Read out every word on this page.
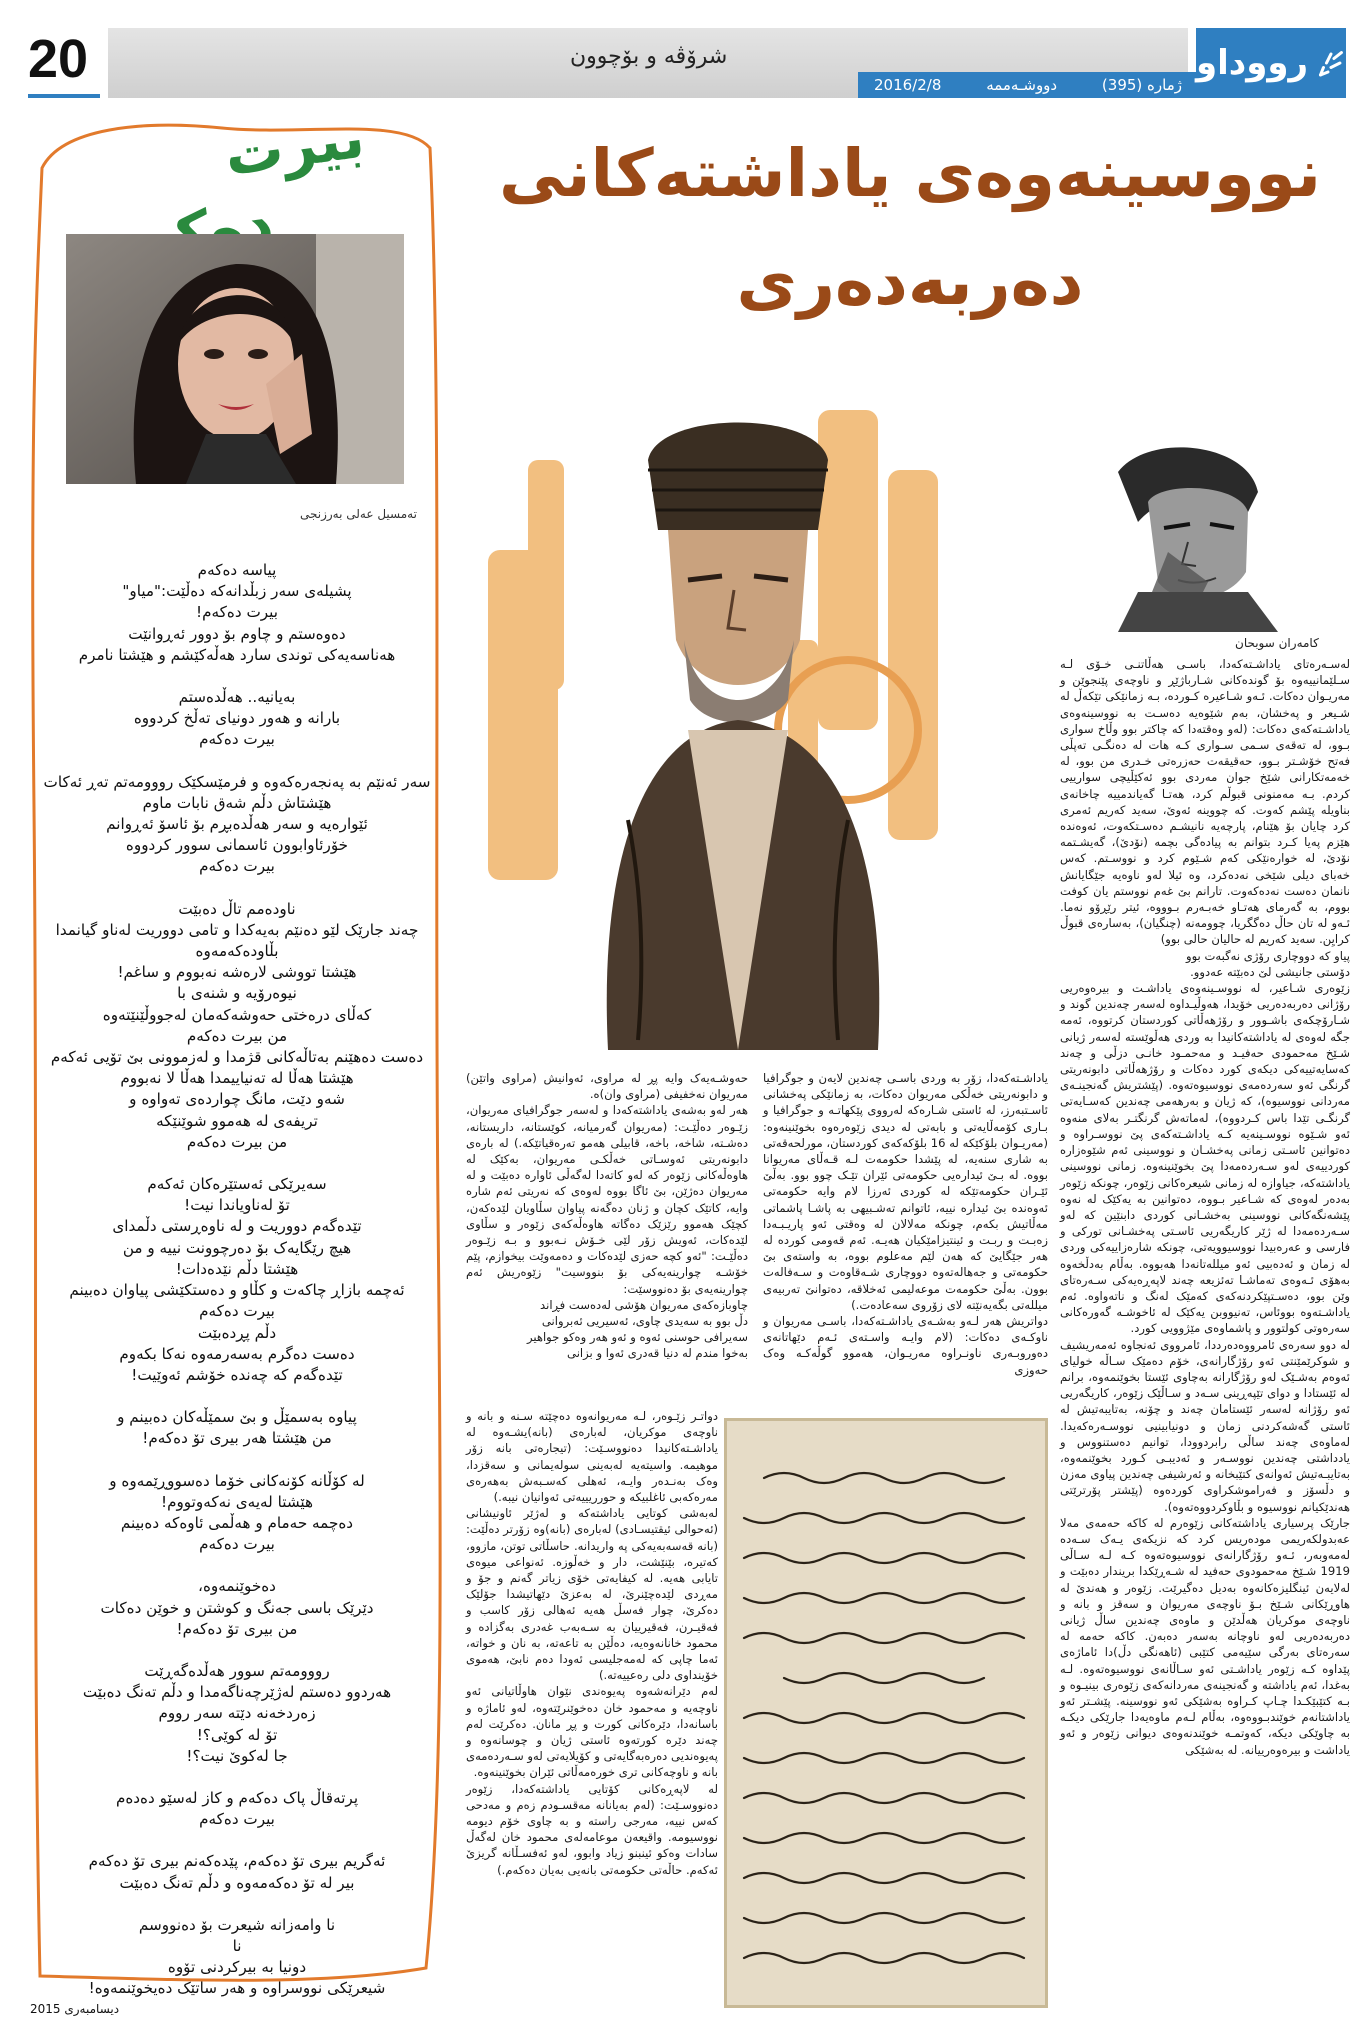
20	شرۆڤە و بۆچوون
ژمارە (395)
دووشـەممە
2016/2/8
رووداو
نووسینەوەی یاداشتەکانی
دەربەدەری
بیرت
تەمسیل عەلی بەرزنجی
پیاسە دەکەم
پشیلەی سەر زبڵدانەکە دەڵێت:"میاو"
بیرت دەکەم!
دەوەستم و چاوم بۆ دوور ئەڕوانێت
هەناسەیەکی توندی سارد هەڵەکێشم و هێشتا نامرم
بەیانیە.. هەڵدەستم
بارانە و هەور دونیای تەڵخ کردووە
بیرت دەکەم
سەر ئەنێم بە پەنجەرەکەوە و فرمێسکێک رووومەتم تەڕ ئەکات
هێشتاش دڵم شەق نابات ماوم
ئێوارەیە و سەر هەڵدەبڕم بۆ ئاسۆ ئەڕوانم
خۆرئاوابوون ئاسمانی سوور کردووە
بیرت دەکەم
ناودەمم تاڵ دەبێت
چەند جارێک لێو دەنێم بەیەکدا و تامی دووریت لەناو گیانمدا
بڵاودەکەمەوە
هێشتا تووشی لارەشە نەبووم و ساغم!
نیوەرۆیە و شنەی با
کەڵای درەختی حەوشەکەمان لەجووڵێنێتەوە
من بیرت دەکەم
دەست دەهێنم بەتاڵەکانی قژمدا و لەزموونی بێ تۆیی ئەکەم
هێشتا هەڵا لە تەنیاییمدا هەڵا لا نەبووم
شەو دێت، مانگ چواردەی تەواوە و
تریفەی لە هەموو شوێنێکە
من بیرت دەکەم
سەیرێکی ئەستێرەکان ئەکەم
تۆ لەناویاندا نیت!
تێدەگەم دووریت و لە ناوەڕستی دڵمدای
هیچ رێگایەک بۆ دەرچوونت نییە و من
هێشتا دڵم نێدەدات!
ئەچمە بازاڕ چاکەت و کڵاو و دەستکێشی پیاوان دەبینم
بیرت دەکەم
دڵم پڕدەبێت
دەست دەگرم بەسەرمەوە نەکا بکەوم
تێدەگەم کە چەندە خۆشم ئەوێیت!
پیاوە بەسمێڵ و بێ سمێڵەکان دەبینم و
من هێشتا هەر بیری تۆ دەکەم!
لە کۆڵانە کۆنەکانی خۆما دەسووڕێمەوە و
هێشتا لەیەی نەکەوتووم!
دەچمە حەمام و هەڵمی ئاوەکە دەبینم
بیرت دەکەم
دەخوێنمەوە،
دێرێک باسی جەنگ و کوشتن و خوێن دەکات
من بیری تۆ دەکەم!
رووومەتم سوور هەڵدەگەڕێت
هەردوو دەستم لەژێرچەناگەمدا و دڵم تەنگ دەبێت
زەردخەنە دێتە سەر رووم
تۆ لە کوێی؟!
جا لەکوێ نیت؟!
پرتەقاڵ پاک دەکەم و کاز لەسێو دەدەم
بیرت دەکەم
ئەگریم بیری تۆ دەکەم، پێدەکەنم بیری تۆ دەکەم
بیر لە تۆ دەکەمەوە و دڵم تەنگ دەبێت
نا وامەزانە شیعرت بۆ دەنووسم
نا
دونیا بە بیرکردنی تۆوە
شیعرێکی نووسراوە و هەر ساتێک دەیخوێنمەوە!
دیسامبەری 2015
کامەران سوبحان

لەسـەرەتای یاداشـتەکەدا، باسـی هەڵاتنـی خـۆی لـە سـلێمانییەوە بۆ گوندەکانی شـارباژێڕ و ناوچەی پێنجوێن و مەریـوان دەکات. ئـەو شـاعیرە کـوردە، بـە زمانێکی تێکەڵ لە شـیعر و پەخشان، بەم شێوەیە دەسـت بە نووسینەوەی یاداشـتەکەی دەکات: (لەو وەقتەدا کە چاکتر بوو وڵاخ سواری بـوو، لە تەقەی سـمی سـواری کـە هات لە دەنگـی تەپڵی فەتح خۆشـتر بـوو، حەقیقەت حەزرەتی خـدری من بوو، لە خەمەتکارانی شێخ جوان مەردی بوو ئەکێڵیچی سوارییی کردم. بـە مەمنونی قبوڵم کرد، هەتـا گەیاندمییە چاخانەی بناویلە پێشم کەوت. کە چووینە ئەوێ، سەید کەریم ئەمری کرد چایان بۆ هێنام، پارچەیە نانیشـم دەسـتکەوت، ئەوەندە هێزم پەیا کـرد بتوانم بە پیادەگی بچمە (نۆدێ)، گەیشـتمە نۆدێ، لە خوارەنێکی کەم شـێوم کرد و نووسـتم. کەس خەبای دیلی شێخی نەدەکرد، وە ئیلا لەو ناوەیە جێگایانش نانمان دەست نەدەکەوت. تارانم بێ غەم نووستم یان کوفت بووم، بە گەرمای هەتـاو خەبـەرم بـوووە، ئیتر رێڕۆو نەما. ئـەو لە تان حاڵ دەگگریا، چوومەنە (چنگیان)، بەسارەی قبوڵ کرایِن. سەید کەریم لە حالیان حالی بوو)

پیاو کە دووچاری رۆژی نەگبەت بوو

دۆستی جانیشی لێ دەبێتە عەدوو.

زێوەری شـاعیر، لە نووسـینەوەی یاداشـت و بیرەوەریی رۆژانی دەربەدەریی خۆیدا، هەوڵیـداوە لەسەر چەندین گوند و شـارۆچکەی باشـوور و رۆژهەڵاتی کوردستان کرتووە، ئەمە جگە لەوەی لە یاداشتەکانیدا بە وردی هەڵوێستە لەسەر ژیانی شـێخ مەحمودی حەفیـد و مەحمـود خانـی دزڵی و چەند کەسایەتییەکی دیکەی کورد دەکات و رۆژهەڵاتی دابونەریتی گرنگی ئەو سەردەمەی نووسیوەتەوە. (پێشتریش گەنجینـەی مەردانی نووسیوە)، کە ژیان و بەرهەمی چەندین کەسـایەتی گرنگـی تێدا باس کـردووە)، لەماتەش گرنگتـر بەلای منەوە ئەو شـێوە نووسـینەیە کـە یاداشـتەکەی پێ نووسـراوە و دەتوانین ئاسـتی زمانی پەخشـان و نووسینی ئەم شێوەزارە کوردییەی لەو سـەردەمەدا پێ بخوێنینەوە. زمانی نووسینی یاداشتەکە، جیاوازە لە زمانی شیعرەکانی زێوەر، چونکە زێوەر بەدەر لەوەی کە شـاعیر بـووە، دەتوانین بە یەکێک لە نەوە پێشەنگەکانی نووسینی بەخشـانی کوردی دابنێین کە لەو سـەردەمەدا لە ژێر کاریگەریی ئاسـتی پەخشـانی تورکی و فارسی و عەرەبیدا نووسیوویەتی، چونکە شارەزاییەکی وردی لە زمان و ئەدەبیی ئەو میللەتانەدا هەبووە. بەڵام بەدڵخەوە بەهۆی ئـەوەی تەماشـا تەئزیعە چەند لاپەڕەیەکی سـەرەتای وێن بوو، دەسـتپێکردنەکەی کەمێک لەنگ و ناتەواوە. ئەم یاداشـتەوە بووئاس، تەنیووبن یەکێک لە ئاخوشـە گەورەکانی سەرەوتی کولتوور و پاشماوەی مێژوویی کورد.

لە دوو سەرەی ئامرووەدەرددا، ئامرووی ئەنجاوە ئەمەریشیف و شوکرێمێنتی ئەو رۆژگارانەی، خۆم دەمێک سـاڵە خولیای ئەوەم بەشـێک لەو رۆژگارانە بەچاوی ئێستا بخوێنمەوە، برانم لە ئێستادا و دوای تێپەڕینی سـەد و سـاڵێک زێوەر، کاریگەریی ئەو رۆژانە لەسەر ئێستامان چەند و چۆنە، بەتایبەتیش لە ئاستی گەشەکردنی زمان و دونیابینیی نووسـەرەکەیدا. لەماوەی چەند ساڵی رابردوودا، توانیم دەستنووس و یادداشتی چەندین نووسـەر و ئەدیبـی کـورد بخوێنمەوە، بەتایبـەتیش ئەوانەی کتێبخانە و ئەرشیفی چەندین پیاوی مەزن و دڵسۆز و فەراموشکراوی کوردەوە (پێشتر پۆرترێتی هەندێکیانم نووسیوە و بڵاوکردووەتەوە).

جارێک پرسیاری یاداشتەکانی زێوەرم لە کاکە حەمەی مەلا عەبدولکەریمی مودەریس کرد کە نزیکەی یـەک سـەدە لەمەوبەر، ئـەو رۆژگارانەی نووسیوەتەوە کـە لـە سـاڵی 1919 شـێخ مەحمودوی حەفید لە شـەڕێکدا بریندار دەبێت و لەلایەن ئینگلیزەکانەوە بەدیل دەگیرێت. زێوەر و هەندێ لە هاوڕێکانی شـێخ بـۆ ناوچەی مەریوان و سەقز و بانە و ناوچەی موکریان هەڵدێن و ماوەی چەندین ساڵ ژیانی دەربەدەریی لەو ناوچانە بەسەر دەبەن. کاکە حەمە لە سەرەتای بەرگی سێیەمی کتێبی (ئاهەنگی دڵ)دا ئاماژەی پێداوە کـە زێوەر یاداشـتی ئەو سـاڵانەی نووسیوەتەوە. لـه بەغدا، ئەم یاداشتە و گەنجینەی مەردانەکەی زێوەری بینیـوە و بـە کتێبێکـدا چـاپ کـراوە بەشێکی ئەو نووسینە. پێشـتر ئەو یاداشتانەم خوێندبـووەوە، بەڵام لـەم ماوەیەدا جارێکی دیکـە بە چاوێکی دیکە، کەوتمـە خوێندنەوەی دیوانی زێوەر و ئەو یاداشت و بیرەوەرییانە. لە بەشێکی

یاداشـتەکەدا، زۆر بە وردی باسـی چەندین لایەن و جوگرافیا و دابونەریتی خەڵکی مەریوان دەکات، بە زمانێکی پەخشانی ئاسـتبەرز، لە ئاستی شـارەکە لەرووی پێکهاتـە و جوگرافیا و بـاری کۆمەڵایەتی و بابەتی لە دیدی زێوەرەوە بخوێنینەوە: (مەریـوان بلۆکێکە لە 16 بلۆکەکەی کوردستان، مورلحەقەتی بە شاری سنەیە، لە پێشدا حکومەت لـە قـەڵای مەریوانا بووە. لە بـێ ئیدارەیی حکومەتی ئێران تێـک چوو بوو. بەڵێ ئێـران حکومەتێکە لە کوردی ئەرزا لام وایە حکومەتی ئەوەندە بێ ئیدارە نییە، ئاتوانم تەشـبیهی بە پاشـا پاشماتی مەڵاتیش بکەم، چونکە مەلالان لە وەقتی ئەو پاریـبـەدا زەبـت و ربـت و ئینتیزامێکیان هەیـە. ئەم قەومی کوردە لە هەر جێگایێ کە هەن لێم مەعلوم بووە، بە واستەی بێ حکومەتی و جەهالەتەوە دووچاری شـەقاوەت و سـەفالەت بوون. بەڵێ حکومەت موعەلیمی ئەخلاقە، دەتوانێ تەربیەی میللەتی بگەیەنێتە لای زۆروی سەعادەت.)

دواتریش هەر لـەو بەشـەی یاداشـتەکەدا، باسـی مەریوان و ناوکـەی دەکات: (لام وایـە واسـتەی ئـەم دێهاتانەی دەوروبـەری ناونـراوە مەریـوان، هەموو گوڵەکـە وەک حەوزی

حەوشـەیەک وایە پڕ لە مراوی، ئەوانیش (مراوی واتێن) مەریوان نەخفیفی (مراوی وان)ە.

هەر لەو بەشەی یاداشتەکەدا و لەسەر جوگرافیای مەریوان، زێـوەر دەڵێـت: (مەریوان گەرمیانە، کوێستانە، داریستانە، دەشـتە، شاخە، باخە، قابیلی هەمو تەرەقیاتێکە.) لە بارەی دابونەریتی ئەوسـاتی خەڵکـی مەریوان، بەکێک لە هاوەڵەکانی زێوەر کە لەو کاتەدا لەگەڵی ئاوارە دەبێت و لە مەریوان دەژێن، بێ ئاگا بووە لەوەی کە نەریتی ئەم شارە وایە، کاتێک کچان و ژنان دەگەنە پیاوان سڵاویان لێدەکەن، کچێک هەموو رێزێک دەگاتە هاوەڵەکەی زێوەر و سڵاوی لێدەکات، ئەویش زۆر لێی خـۆش نـەبوو و بـە زێـوەر دەڵێـت: "ئەو کچە حەزی لێدەکات و دەمەوێت بیخوازم، پێم خۆشـە چوارینەیەکی بۆ بنووسیت" زێوەریش ئەم چوارینەیەی بۆ دەنووسێت:

چاوبازەکەی مەریوان هۆشی لەدەست فڕاند

دڵ بوو بە سەیدی چاوی، ئەسیریی ئەبروانی

سەیرافی حوسنی ئەوە و ئەو هەر وەکو جواهیر

بەخوا مندم لە دنیا قەدری ئەوا و بزانی

دواتـر زێـوەر، لـە مەریوانەوە دەچێتە سـنە و بانە و ناوچەی موکریان، لەبارەی (بانە)یشـەوە لە یاداشـتەکانیدا دەنووسـێت: (تیجارەتی بانە زۆر موهیمە. واسیتەیە لەبەینی سولەیمانی و سەقزدا، وەک بەنـدەر وایـە، ئەهلی کەسـبەش بەهەرەی مەرەکەبی ئاغلبیکە و حورریییەتی ئەوانیان نیبە.)

لەبەشی کوتایی یاداشتەکە و لەژێر ئاونیشانی (ئەحوالی ئیقتیسـادی) لەبارەی (بانە)وە زۆرتر دەڵێت: (بانە قەسەبەیەکی پە واریدانە. حاسڵاتی توتن، مازوو، کەتیرە، بێنێشت، دار و خەڵوزە. ئەنواعی میوەی تایابی هەیە. لە کیفایەتی خۆی زیاتر گەنم و جۆ و مەڕدی لێدەچێنرێ، لە بەعزێ دێهاتیشدا جۆلێک دەکرێ، چوار فەسڵ هەیە ئەهالی زۆر کاسب و فەقیـرن، فەقیرییان بە سـەبەب غەدری بەگزادە و محمود خانانەوەیە، دەڵێن بە تاعەتە، بە نان و خواتە، ئەما چاپی کە لەمەجلیسی ئەودا دەم نابێ، هەموی خۆینداوی دلی رەعییەتە.)

لەم دێرانەشەوە پەیوەندی نێوان هاوڵاتیانی ئەو ناوچەیە و مەحمود خان دەخوێنرێتەوە، لەو ئاماژە و باسانەدا، دێرەکانی کورت و پڕ مانان. دەکرێت لەم چەند دێرە کورتەوە ئاستی ژیان و چوسانەوە و پەیوەندیی دەرەبەگایەتی و کۆیلایەتی لەو سـەردەمەی بانە و ناوچەکانی تری خورەمەڵاتی ئێران بخوێنینەوە.

لە لاپەڕەکانی کۆتایی یاداشتەکەدا، زێوەر دەنووسـێت: (لەم بەیانانە مەقسـودم زەم و مەدحی کەس نییە، مەرجی راستە و بە چاوی خۆم دیومە نووسیومە. واقیعەن موعامەلەی محمود خان لەگەڵ سادات وەکو ئینبنو زیاد وابوو، لەو ئەفسـڵانە گریزێ ئەکەم. حاڵەتی حکومەتی بانەیی بەیان دەکەم.)
